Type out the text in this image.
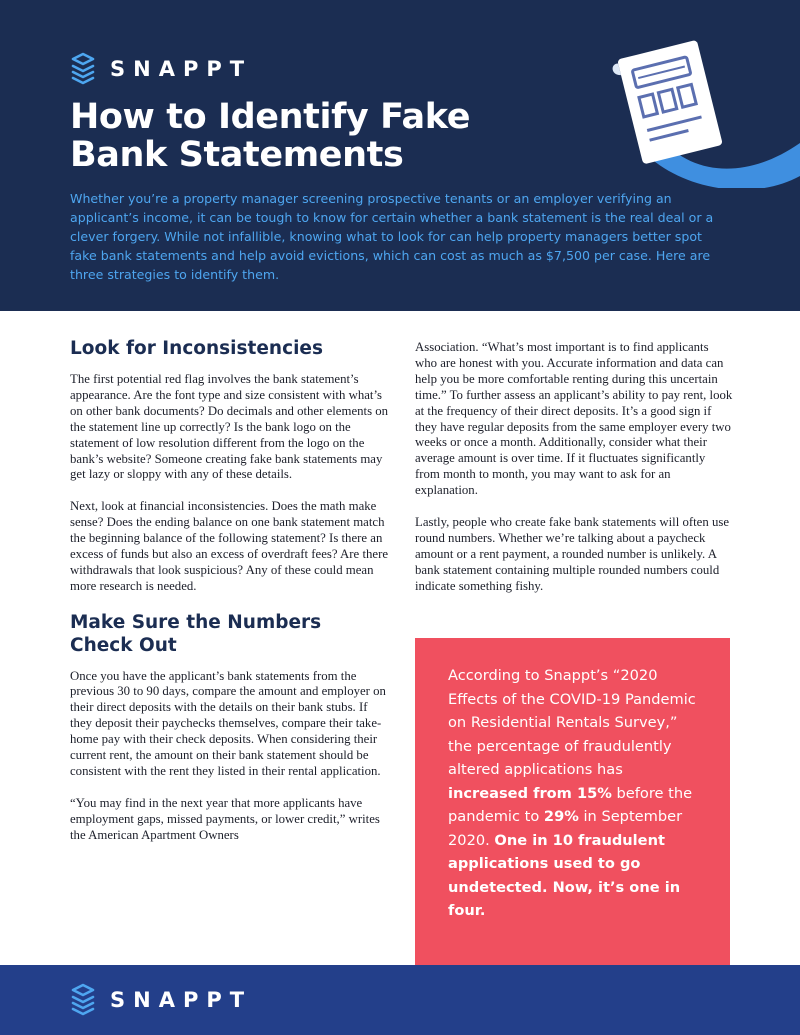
SNAPPT
How to Identify Fake
Bank Statements

Whether you’re a property manager screening prospective tenants or an employer verifying an applicant’s income, it can be tough to know for certain whether a bank statement is the real deal or a clever forgery. While not infallible, knowing what to look for can help property managers better spot fake bank statements and help avoid evictions, which can cost as much as $7,500 per case. Here are three strategies to identify them.

Look for Inconsistencies

The first potential red flag involves the bank statement’s appearance. Are the font type and size consistent with what’s on other bank documents? Do decimals and other elements on the statement line up correctly? Is the bank logo on the statement of low resolution different from the logo on the bank’s website? Someone creating fake bank statements may get lazy or sloppy with any of these details.

Next, look at financial inconsistencies. Does the math make sense? Does the ending balance on one bank statement match the beginning balance of the following statement? Is there an excess of funds but also an excess of overdraft fees? Are there withdrawals that look suspicious? Any of these could mean more research is needed.

Make Sure the Numbers
Check Out

Once you have the applicant’s bank statements from the previous 30 to 90 days, compare the amount and employer on their direct deposits with the details on their bank stubs. If they deposit their paychecks themselves, compare their take-home pay with their check deposits. When considering their current rent, the amount on their bank statement should be consistent with the rent they listed in their rental application.

“You may find in the next year that more applicants have employment gaps, missed payments, or lower credit,” writes the American Apartment Owners

Association. “What’s most important is to find applicants who are honest with you. Accurate information and data can help you be more comfortable renting during this uncertain time.” To further assess an applicant’s ability to pay rent, look at the frequency of their direct deposits. It’s a good sign if they have regular deposits from the same employer every two weeks or once a month. Additionally, consider what their average amount is over time. If it fluctuates significantly from month to month, you may want to ask for an explanation.

Lastly, people who create fake bank statements will often use round numbers. Whether we’re talking about a paycheck amount or a rent payment, a rounded number is unlikely. A bank statement containing multiple rounded numbers could indicate something fishy.

According to Snappt’s “2020 Effects of the COVID-19 Pandemic on Residential Rentals Survey,” the percentage of fraudulently altered applications has increased from 15% before the pandemic to 29% in September 2020. One in 10 fraudulent applications used to go undetected. Now, it’s one in four.
SNAPPT
